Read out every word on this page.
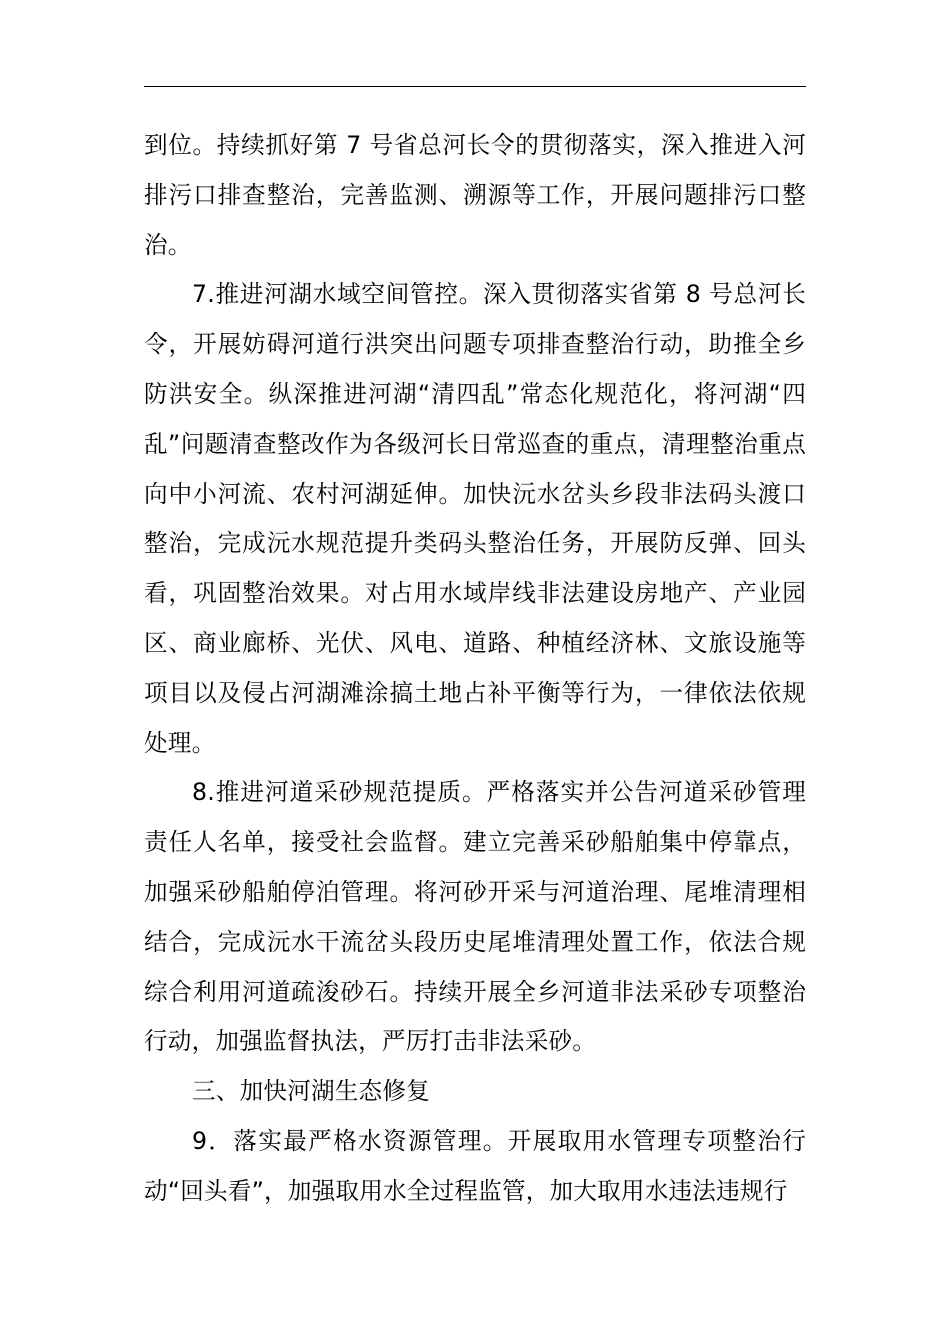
到位。持续抓好第 7 号省总河长令的贯彻落实，深入推进入河排污口排查整治，完善监测、溯源等工作，开展问题排污口整治。

7.推进河湖水域空间管控。深入贯彻落实省第 8 号总河长令，开展妨碍河道行洪突出问题专项排查整治行动，助推全乡防洪安全。纵深推进河湖“清四乱”常态化规范化，将河湖“四乱”问题清查整改作为各级河长日常巡查的重点，清理整治重点向中小河流、农村河湖延伸。加快沅水岔头乡段非法码头渡口整治，完成沅水规范提升类码头整治任务，开展防反弹、回头看，巩固整治效果。对占用水域岸线非法建设房地产、产业园区、商业廊桥、光伏、风电、道路、种植经济林、文旅设施等项目以及侵占河湖滩涂搞土地占补平衡等行为，一律依法依规处理。

8.推进河道采砂规范提质。严格落实并公告河道采砂管理责任人名单，接受社会监督。建立完善采砂船舶集中停靠点，加强采砂船舶停泊管理。将河砂开采与河道治理、尾堆清理相结合，完成沅水干流岔头段历史尾堆清理处置工作，依法合规综合利用河道疏浚砂石。持续开展全乡河道非法采砂专项整治行动，加强监督执法，严厉打击非法采砂。

三、加快河湖生态修复

9．落实最严格水资源管理。开展取用水管理专项整治行动“回头看”，加强取用水全过程监管，加大取用水违法违规行
